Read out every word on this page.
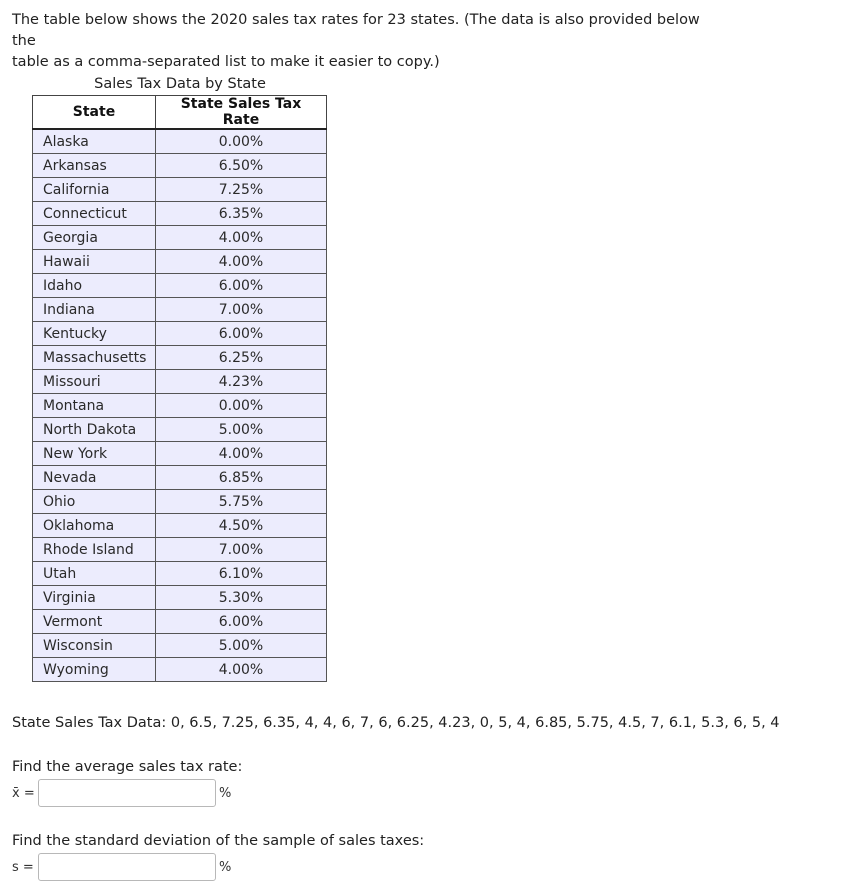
The table below shows the 2020 sales tax rates for 23 states. (The data is also provided below the
table as a comma-separated list to make it easier to copy.)
Sales Tax Data by State
State	State Sales Tax Rate
Alaska	0.00%
Arkansas	6.50%
California	7.25%
Connecticut	6.35%
Georgia	4.00%
Hawaii	4.00%
Idaho	6.00%
Indiana	7.00%
Kentucky	6.00%
Massachusetts	6.25%
Missouri	4.23%
Montana	0.00%
North Dakota	5.00%
New York	4.00%
Nevada	6.85%
Ohio	5.75%
Oklahoma	4.50%
Rhode Island	7.00%
Utah	6.10%
Virginia	5.30%
Vermont	6.00%
Wisconsin	5.00%
Wyoming	4.00%
State Sales Tax Data: 0, 6.5, 7.25, 6.35, 4, 4, 6, 7, 6, 6.25, 4.23, 0, 5, 4, 6.85, 5.75, 4.5, 7, 6.1, 5.3, 6, 5, 4
Find the average sales tax rate:
x̄ =	%
Find the standard deviation of the sample of sales taxes:
s =	%
